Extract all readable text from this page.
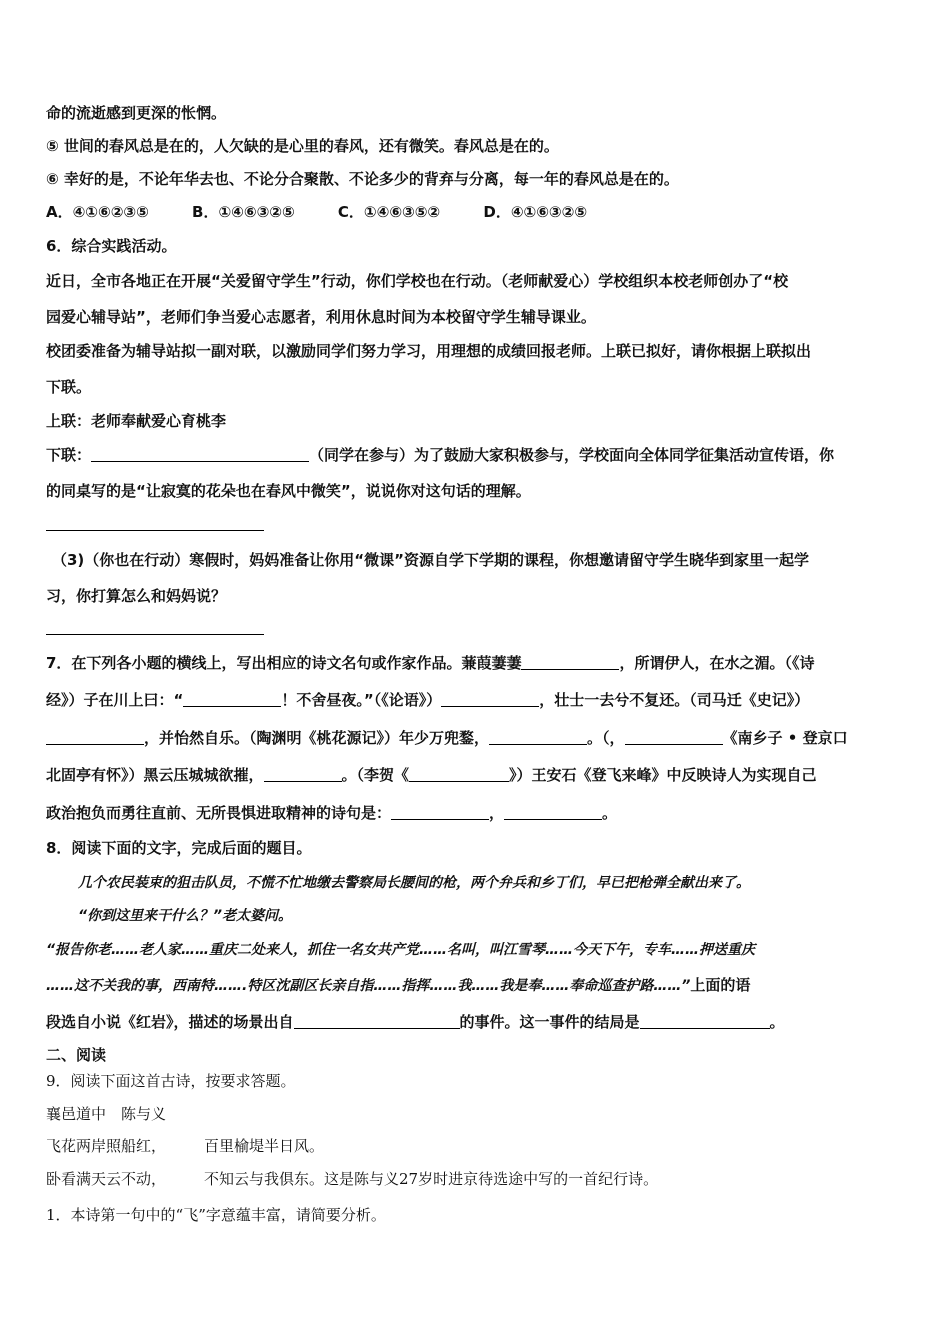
命的流逝感到更深的怅惘。
⑤ 世间的春风总是在的，人欠缺的是心里的春风，还有微笑。春风总是在的。
⑥ 幸好的是，不论年华去也、不论分合聚散、不论多少的背弃与分离，每一年的春风总是在的。
A．④①⑥②③⑤	B．①④⑥③②⑤	C．①④⑥③⑤②	D．④①⑥③②⑤
6．综合实践活动。
近日，全市各地正在开展“关爱留守学生”行动，你们学校也在行动。（老师献爱心）学校组织本校老师创办了“校
园爱心辅导站”，老师们争当爱心志愿者，利用休息时间为本校留守学生辅导课业。
校团委准备为辅导站拟一副对联，以激励同学们努力学习，用理想的成绩回报老师。上联已拟好，请你根据上联拟出
下联。
上联：老师奉献爱心育桃李
下联：	（同学在参与）为了鼓励大家积极参与，学校面向全体同学征集活动宣传语，你
的同桌写的是“让寂寞的花朵也在春风中微笑”，说说你对这句话的理解。
（3)（你也在行动）寒假时，妈妈准备让你用“微课”资源自学下学期的课程，你想邀请留守学生晓华到家里一起学
习，你打算怎么和妈妈说？
7．在下列各小题的横线上，写出相应的诗文名句或作家作品。蒹葭萋萋	，所谓伊人，在水之湄。（《诗
经》）子在川上曰：“	！不舍昼夜。”（《论语》）	，壮士一去兮不复还。（司马迁《史记》）
，并怡然自乐。（陶渊明《桃花源记》）年少万兜鍪，	。（，	《南乡子 • 登京口
北固亭有怀》）黑云压城城欲摧，	。（李贺《	》）王安石《登飞来峰》中反映诗人为实现自己
政治抱负而勇往直前、无所畏惧进取精神的诗句是：	，	。
8．阅读下面的文字，完成后面的题目。
几个农民装束的狙击队员，不慌不忙地缴去警察局长腰间的枪，两个弁兵和乡丁们，早已把枪弹全献出来了。
“你到这里来干什么？”老太婆问。
“报告你老……老人家……重庆二处来人，抓住一名女共产党……名叫，叫江雪琴……今天下午，专车……押送重庆
……这不关我的事，西南特…….特区沈副区长亲自指……指挥……我……我是奉……奉命巡查护路……”上面的语
段选自小说《红岩》，描述的场景出自	的事件。这一事件的结局是	。
二、阅读
9．阅读下面这首古诗，按要求答题。
襄邑道中　陈与义
飞花两岸照船红，	百里榆堤半日风。
卧看满天云不动，	不知云与我俱东。这是陈与义27岁时进京待选途中写的一首纪行诗。
1．本诗第一句中的“飞”字意蕴丰富，请简要分析。
